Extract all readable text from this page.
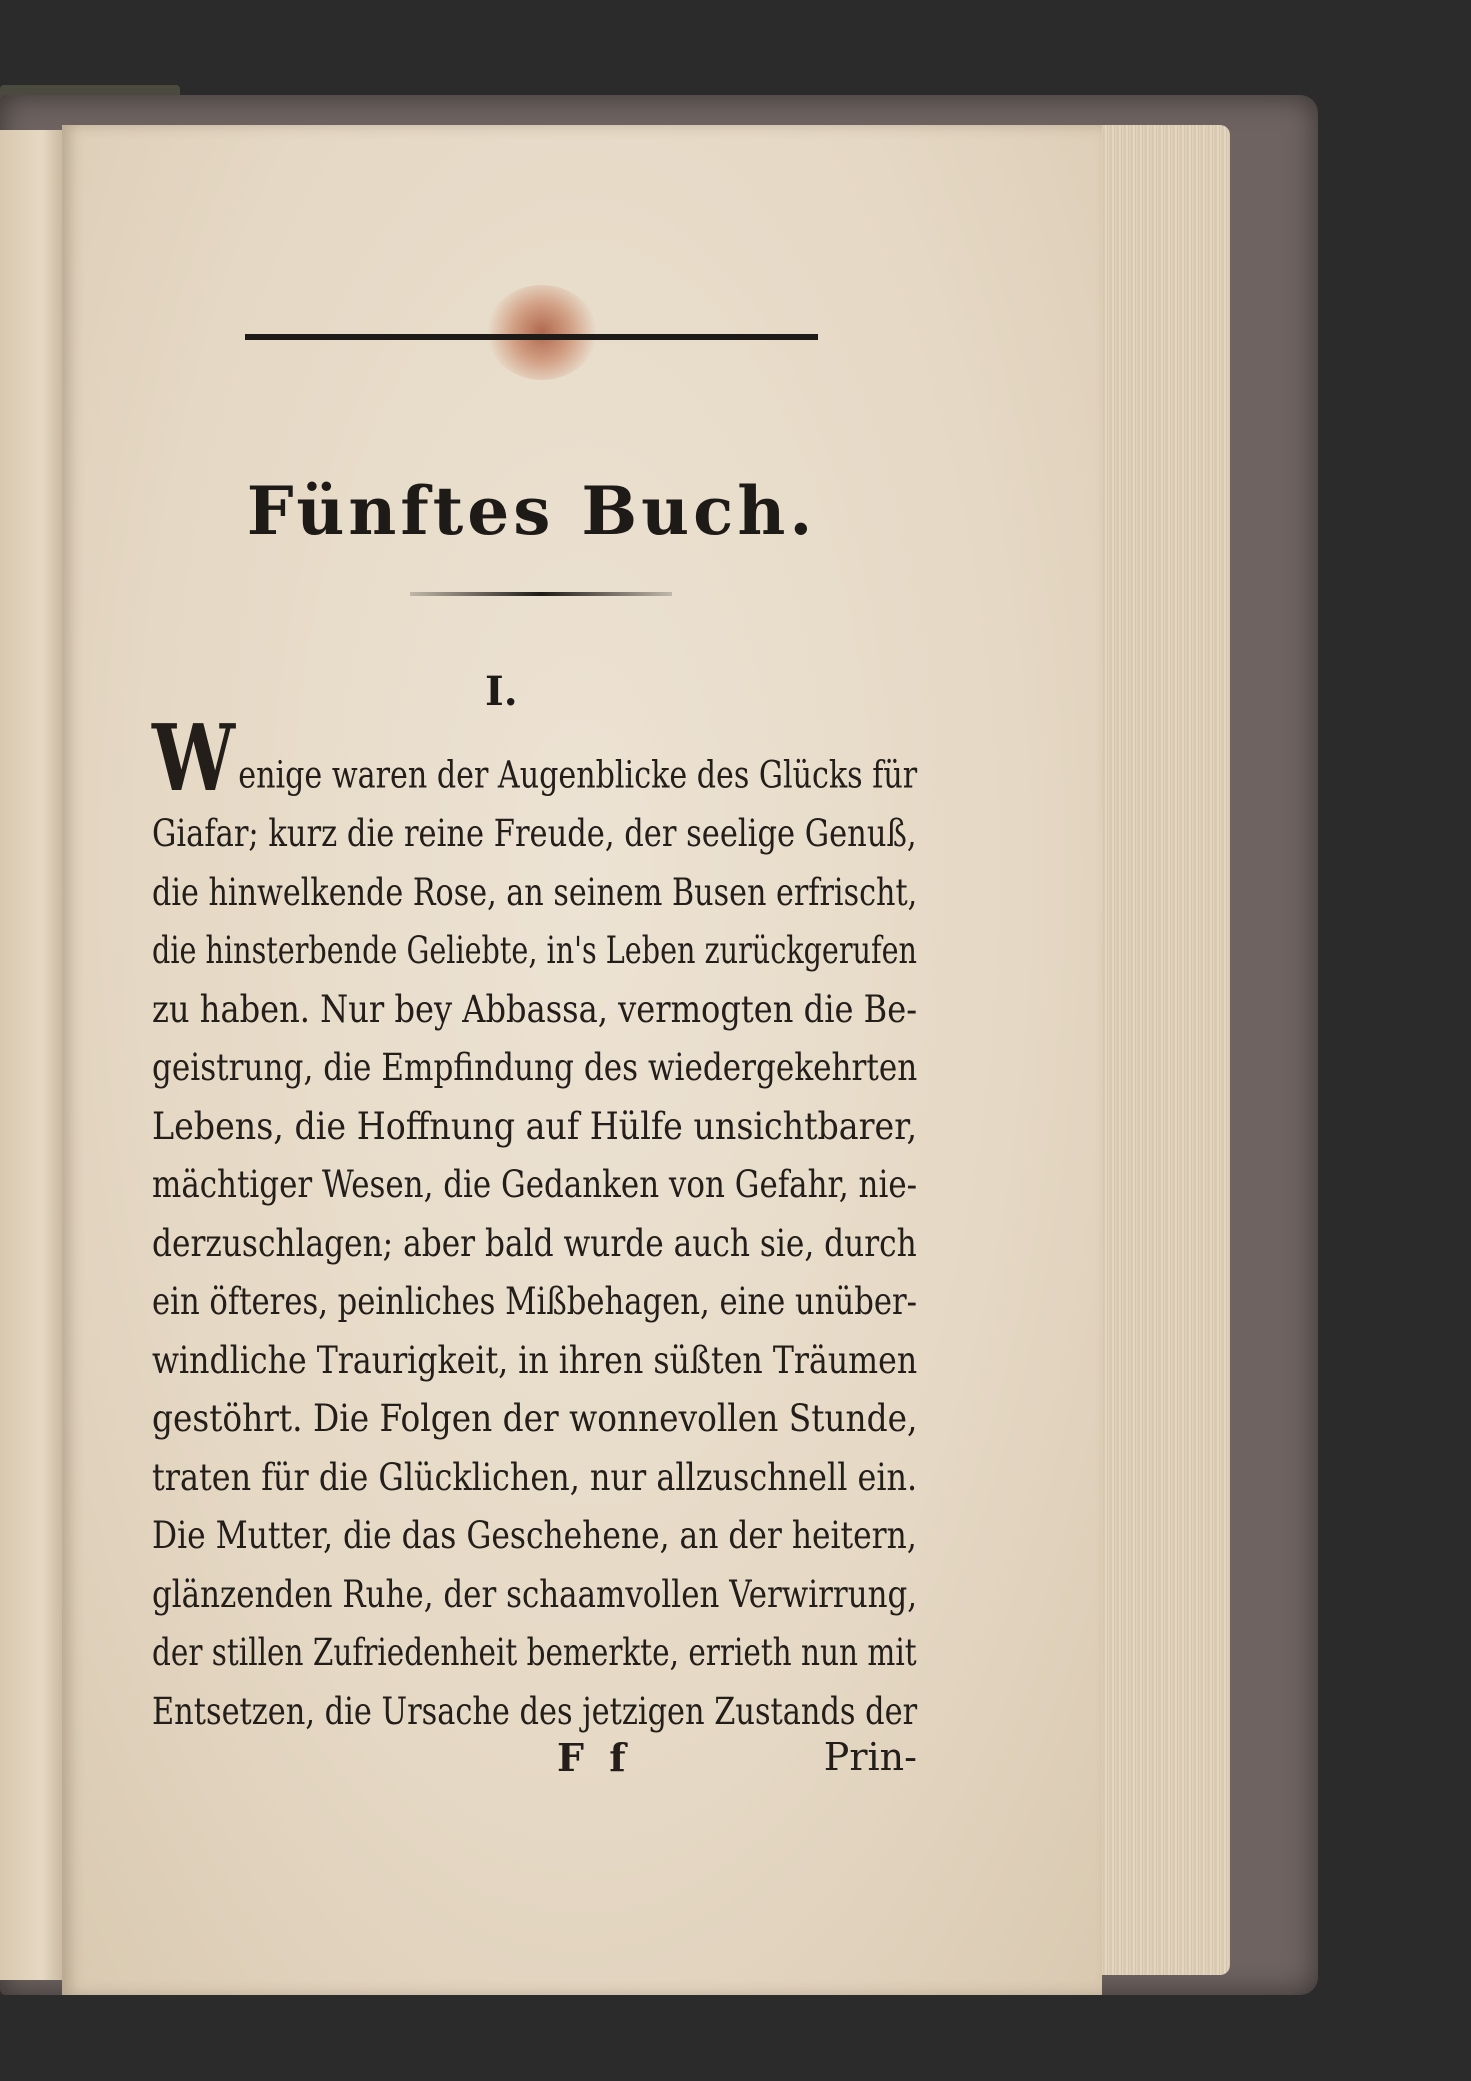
Fünftes Buch.

I.

Wenige waren der Augenblicke des Glücks für

Giafar; kurz die reine Freude, der seelige Genuß,

die hinwelkende Rose, an seinem Busen erfrischt,

die hinsterbende Geliebte, in's Leben zurückgerufen

zu haben. Nur bey Abbassa, vermogten die Be-

geistrung, die Empfindung des wiedergekehrten

Lebens, die Hoffnung auf Hülfe unsichtbarer,

mächtiger Wesen, die Gedanken von Gefahr, nie-

derzuschlagen; aber bald wurde auch sie, durch

ein öfteres, peinliches Mißbehagen, eine unüber-

windliche Traurigkeit, in ihren süßten Träumen

gestöhrt. Die Folgen der wonnevollen Stunde,

traten für die Glücklichen, nur allzuschnell ein.

Die Mutter, die das Geschehene, an der heitern,

glänzenden Ruhe, der schaamvollen Verwirrung,

der stillen Zufriedenheit bemerkte, errieth nun mit

Entsetzen, die Ursache des jetzigen Zustands der

F f	Prin-
